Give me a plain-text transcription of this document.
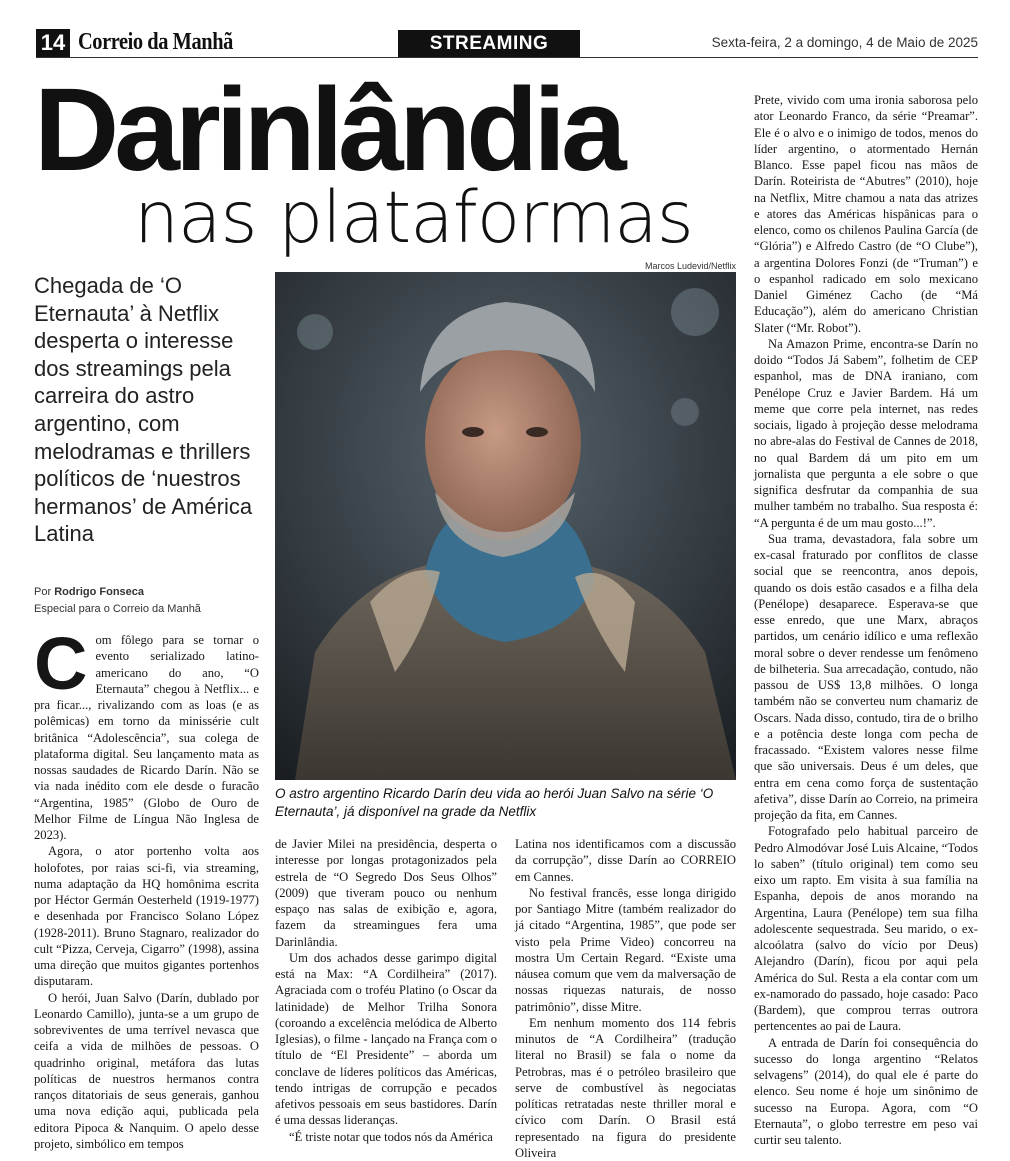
14 Correio da Manhã	STREAMING	Sexta-feira, 2 a domingo, 4 de Maio de 2025
Darinlândia
nas plataformas
Chegada de ‘O Eternauta’ à Netflix desperta o interesse dos streamings pela carreira do astro argentino, com melodramas e thrillers políticos de ‘nuestros hermanos’ de América Latina
Por Rodrigo Fonseca
Especial para o Correio da Manhã
Marcos Ludevid/Netflix
O astro argentino Ricardo Darín deu vida ao herói Juan Salvo na série ‘O Eternauta’, já disponível na grade da Netflix

Com fôlego para se tornar o evento serializado latino-americano do ano, “O Eternauta” chegou à Netflix... e pra ficar..., rivalizando com as loas (e as polêmicas) em torno da minissérie cult britânica “Adolescência”, sua colega de plataforma digital. Seu lançamento mata as nossas saudades de Ricardo Darín. Não se via nada inédito com ele desde o furacão “Argentina, 1985” (Globo de Ouro de Melhor Filme de Língua Não Inglesa de 2023).

Agora, o ator portenho volta aos holofotes, por raias sci-fi, via streaming, numa adaptação da HQ homônima escrita por Héctor Germán Oesterheld (1919-1977) e desenhada por Francisco Solano López (1928-2011). Bruno Stagnaro, realizador do cult “Pizza, Cerveja, Cigarro” (1998), assina uma direção que muitos gigantes portenhos disputaram.

O herói, Juan Salvo (Darín, dublado por Leonardo Camillo), junta-se a um grupo de sobreviventes de uma terrível nevasca que ceifa a vida de milhões de pessoas. O quadrinho original, metáfora das lutas políticas de nuestros hermanos contra ranços ditatoriais de seus generais, ganhou uma nova edição aqui, publicada pela editora Pipoca & Nanquim. O apelo desse projeto, simbólico em tempos

de Javier Milei na presidência, desperta o interesse por longas protagonizados pela estrela de “O Segredo Dos Seus Olhos” (2009) que tiveram pouco ou nenhum espaço nas salas de exibição e, agora, fazem da streamingues fera uma Darinlândia.

Um dos achados desse garimpo digital está na Max: “A Cordilheira” (2017). Agraciada com o troféu Platino (o Oscar da latinidade) de Melhor Trilha Sonora (coroando a excelência melódica de Alberto Iglesias), o filme - lançado na França com o título de “El Presidente” – aborda um conclave de líderes políticos das Américas, tendo intrigas de corrupção e pecados afetivos pessoais em seus bastidores. Darín é uma dessas lideranças.

“É triste notar que todos nós da América

Latina nos identificamos com a discussão da corrupção”, disse Darín ao CORREIO em Cannes.

No festival francês, esse longa dirigido por Santiago Mitre (também realizador do já citado “Argentina, 1985”, que pode ser visto pela Prime Video) concorreu na mostra Um Certain Regard. “Existe uma náusea comum que vem da malversação de nossas riquezas naturais, de nosso patrimônio”, disse Mitre.

Em nenhum momento dos 114 febris minutos de “A Cordilheira” (tradução literal no Brasil) se fala o nome da Petrobras, mas é o petróleo brasileiro que serve de combustível às negociatas políticas retratadas neste thriller moral e cívico com Darín. O Brasil está representado na figura do presidente Oliveira

Prete, vivido com uma ironia saborosa pelo ator Leonardo Franco, da série “Preamar”. Ele é o alvo e o inimigo de todos, menos do líder argentino, o atormentado Hernán Blanco. Esse papel ficou nas mãos de Darín. Roteirista de “Abutres” (2010), hoje na Netflix, Mitre chamou a nata das atrizes e atores das Américas hispânicas para o elenco, como os chilenos Paulina García (de “Glória”) e Alfredo Castro (de “O Clube”), a argentina Dolores Fonzi (de “Truman”) e o espanhol radicado em solo mexicano Daniel Giménez Cacho (de “Má Educação”), além do americano Christian Slater (“Mr. Robot”).

Na Amazon Prime, encontra-se Darín no doido “Todos Já Sabem”, folhetim de CEP espanhol, mas de DNA iraniano, com Penélope Cruz e Javier Bardem. Há um meme que corre pela internet, nas redes sociais, ligado à projeção desse melodrama no abre-alas do Festival de Cannes de 2018, no qual Bardem dá um pito em um jornalista que pergunta a ele sobre o que significa desfrutar da companhia de sua mulher também no trabalho. Sua resposta é: “A pergunta é de um mau gosto...!”.

Sua trama, devastadora, fala sobre um ex-casal fraturado por conflitos de classe social que se reencontra, anos depois, quando os dois estão casados e a filha dela (Penélope) desaparece. Esperava-se que esse enredo, que une Marx, abraços partidos, um cenário idílico e uma reflexão moral sobre o dever rendesse um fenômeno de bilheteria. Sua arrecadação, contudo, não passou de US$ 13,8 milhões. O longa também não se converteu num chamariz de Oscars. Nada disso, contudo, tira de o brilho e a potência deste longa com pecha de fracassado. “Existem valores nesse filme que são universais. Deus é um deles, que entra em cena como força de sustentação afetiva”, disse Darín ao Correio, na primeira projeção da fita, em Cannes.

Fotografado pelo habitual parceiro de Pedro Almodóvar José Luis Alcaine, “Todos lo saben” (título original) tem como seu eixo um rapto. Em visita à sua família na Espanha, depois de anos morando na Argentina, Laura (Penélope) tem sua filha adolescente sequestrada. Seu marido, o ex-alcoólatra (salvo do vício por Deus) Alejandro (Darín), ficou por aqui pela América do Sul. Resta a ela contar com um ex-namorado do passado, hoje casado: Paco (Bardem), que comprou terras outrora pertencentes ao pai de Laura.

A entrada de Darín foi consequência do sucesso do longa argentino “Relatos selvagens” (2014), do qual ele é parte do elenco. Seu nome é hoje um sinônimo de sucesso na Europa. Agora, com “O Eternauta”, o globo terrestre em peso vai curtir seu talento.
